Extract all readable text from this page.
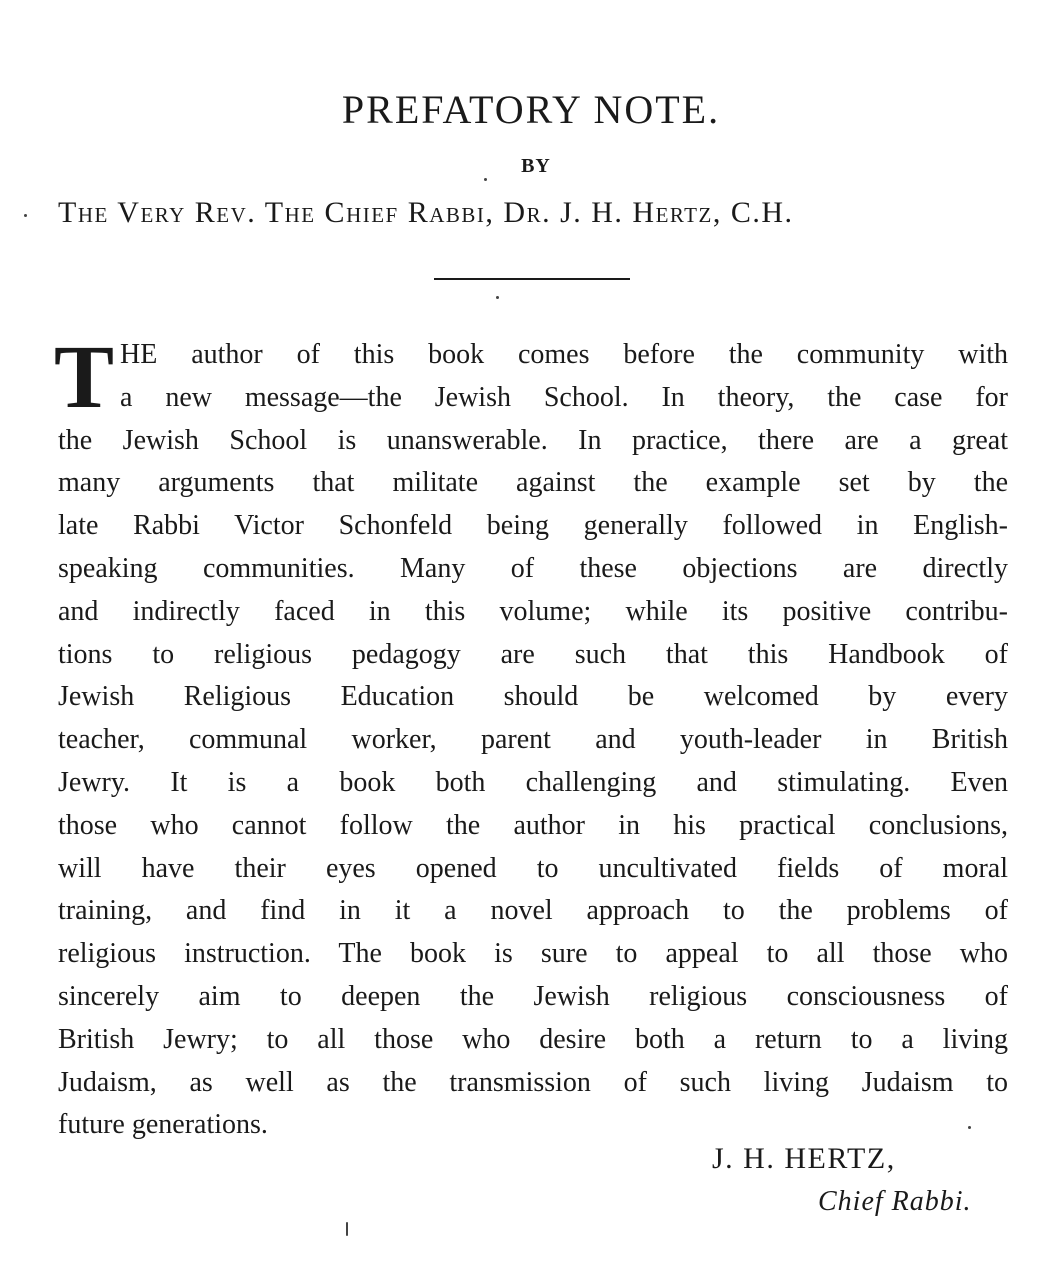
PREFATORY NOTE.
BY
The Very Rev. The Chief Rabbi, Dr. J. H. Hertz, C.H.
T HE author of this book comes before the community with
a new message—the Jewish School. In theory, the case for
the Jewish School is unanswerable. In practice, there are a great
many arguments that militate against the example set by the
late Rabbi Victor Schonfeld being generally followed in English-
speaking communities. Many of these objections are directly
and indirectly faced in this volume; while its positive contribu-
tions to religious pedagogy are such that this Handbook of
Jewish Religious Education should be welcomed by every
teacher, communal worker, parent and youth-leader in British
Jewry. It is a book both challenging and stimulating. Even
those who cannot follow the author in his practical conclusions,
will have their eyes opened to uncultivated fields of moral
training, and find in it a novel approach to the problems of
religious instruction. The book is sure to appeal to all those who
sincerely aim to deepen the Jewish religious consciousness of
British Jewry; to all those who desire both a return to a living
Judaism, as well as the transmission of such living Judaism to
future generations.
J. H. HERTZ,
Chief Rabbi.
